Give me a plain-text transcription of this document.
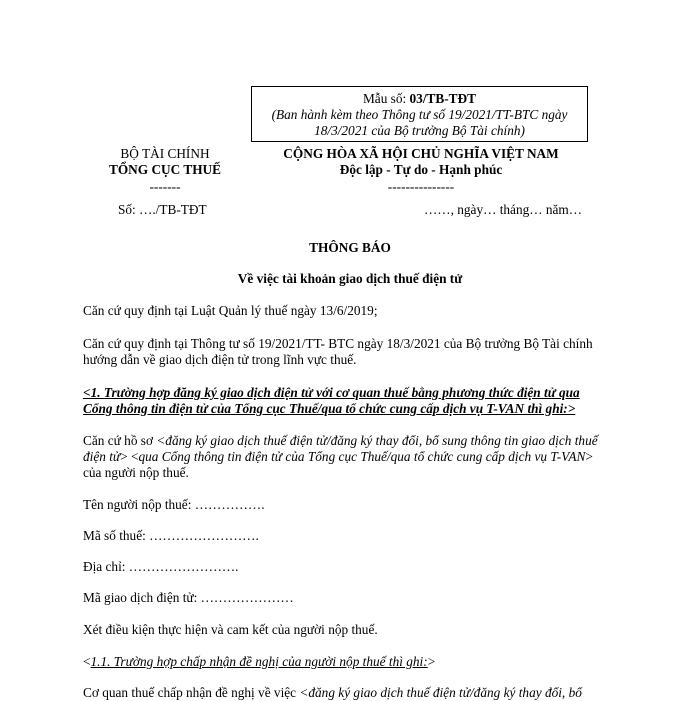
Mẫu số: 03/TB-TĐT
(Ban hành kèm theo Thông tư số 19/2021/TT-BTC ngày
18/3/2021 của Bộ trưởng Bộ Tài chính)
BỘ TÀI CHÍNH
TỔNG CỤC THUẾ
-------
Số: …./TB-TĐT
CỘNG HÒA XÃ HỘI CHỦ NGHĨA VIỆT NAM
Độc lập - Tự do - Hạnh phúc
---------------
……, ngày… tháng… năm…
THÔNG BÁO
Về việc tài khoản giao dịch thuế điện tử
Căn cứ quy định tại Luật Quản lý thuế ngày 13/6/2019;
Căn cứ quy định tại Thông tư số 19/2021/TT- BTC ngày 18/3/2021 của Bộ trưởng Bộ Tài chính
hướng dẫn về giao dịch điện tử trong lĩnh vực thuế.
<1. Trường hợp đăng ký giao dịch điện tử với cơ quan thuế bằng phương thức điện tử qua
Cổng thông tin điện tử của Tổng cục Thuế/qua tổ chức cung cấp dịch vụ T-VAN thì ghi:>
Căn cứ hồ sơ <đăng ký giao dịch thuế điện tử/đăng ký thay đổi, bổ sung thông tin giao dịch thuế
điện tử> <qua Cổng thông tin điện tử của Tổng cục Thuế/qua tổ chức cung cấp dịch vụ T-VAN>
của người nộp thuế.
Tên người nộp thuế: …………….
Mã số thuế: …………………….
Địa chỉ: …………………….
Mã giao dịch điện tử: …………………
Xét điều kiện thực hiện và cam kết của người nộp thuế.
<1.1. Trường hợp chấp nhận đề nghị của người nộp thuế thì ghi:>
Cơ quan thuế chấp nhận đề nghị về việc <đăng ký giao dịch thuế điện tử/đăng ký thay đổi, bổ
